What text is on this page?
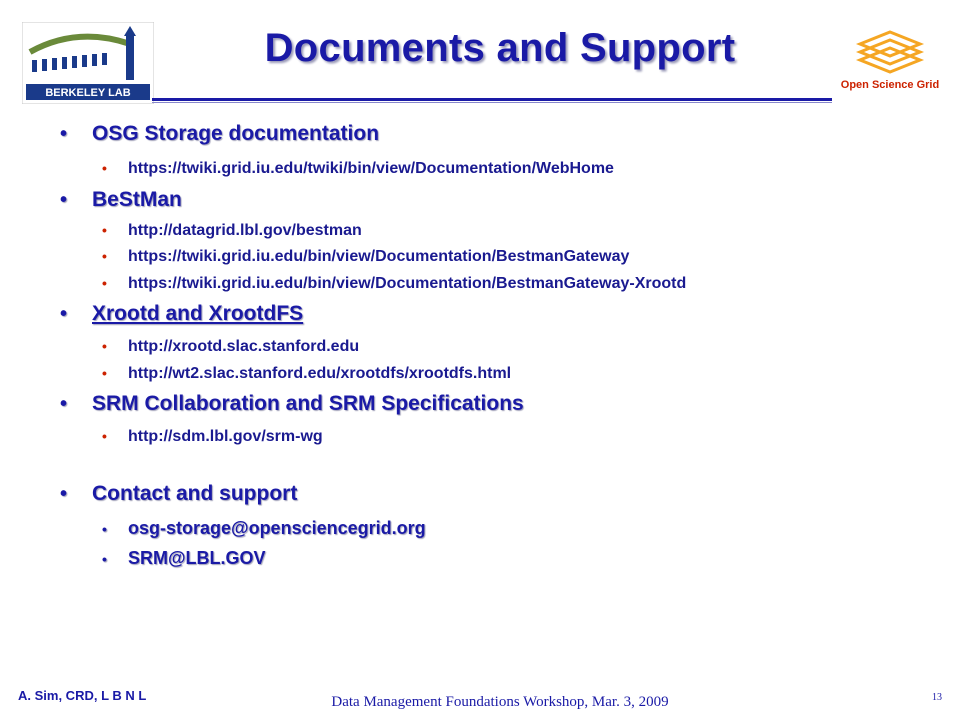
BERKELEY LAB
Open Science Grid
Documents and Support
• OSG Storage documentation
• https://twiki.grid.iu.edu/twiki/bin/view/Documentation/WebHome
• BeStMan
• http://datagrid.lbl.gov/bestman
• https://twiki.grid.iu.edu/bin/view/Documentation/BestmanGateway
• https://twiki.grid.iu.edu/bin/view/Documentation/BestmanGateway-Xrootd
• Xrootd and XrootdFS
• http://xrootd.slac.stanford.edu
• http://wt2.slac.stanford.edu/xrootdfs/xrootdfs.html
• SRM Collaboration and SRM Specifications
• http://sdm.lbl.gov/srm-wg
• Contact and support
• osg-storage@opensciencegrid.org
• SRM@LBL.GOV
A. Sim, CRD, L B N L	Data Management Foundations Workshop, Mar. 3, 2009	13
